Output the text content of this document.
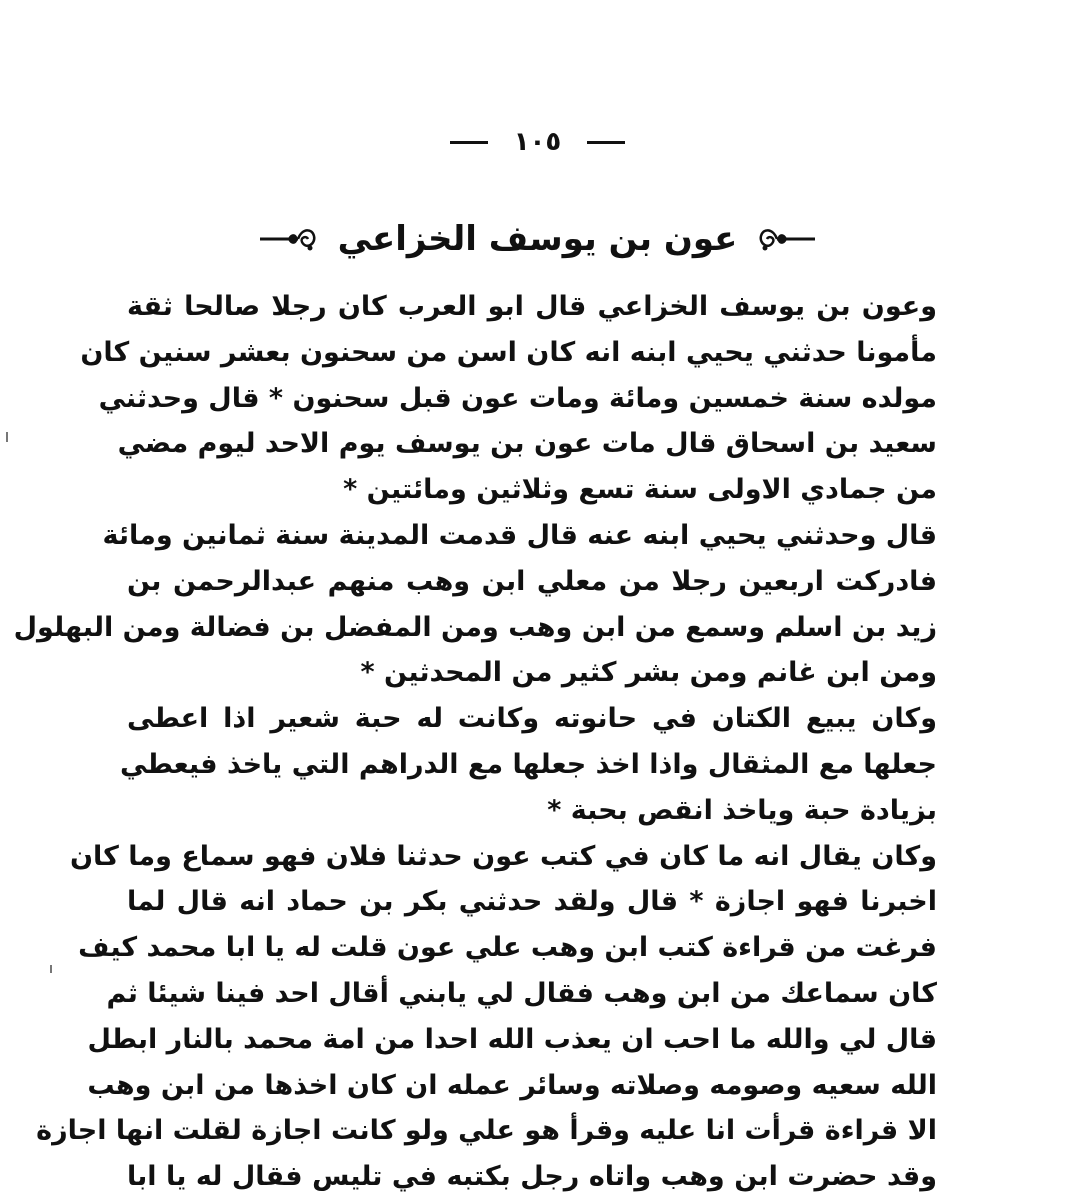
١٠٥
عون بن يوسف الخزاعي
وعون بن يوسف الخزاعي قال ابو العرب كان رجلا صالحا ثقة
مأمونا حدثني يحيي ابنه انه كان اسن من سحنون بعشر سنين كان
مولده سنة خمسين ومائة ومات عون قبل سحنون * قال وحدثني
سعيد بن اسحاق قال مات عون بن يوسف يوم الاحد ليوم مضي
من جمادي الاولى سنة تسع وثلاثين ومائتين *
قال وحدثني يحيي ابنه عنه قال قدمت المدينة سنة ثمانين ومائة
فادركت اربعين رجلا من معلي ابن وهب منهم عبدالرحمن بن
زيد بن اسلم وسمع من ابن وهب ومن المفضل بن فضالة ومن البهلول
ومن ابن غانم ومن بشر كثير من المحدثين *
وكان يبيع الكتان في حانوته وكانت له حبة شعير اذا اعطى
جعلها مع المثقال واذا اخذ جعلها مع الدراهم التي ياخذ فيعطي
بزيادة حبة وياخذ انقص بحبة *
وكان يقال انه ما كان في كتب عون حدثنا فلان فهو سماع وما كان
اخبرنا فهو اجازة * قال ولقد حدثني بكر بن حماد انه قال لما
فرغت من قراءة كتب ابن وهب علي عون قلت له يا ابا محمد كيف
كان سماعك من ابن وهب فقال لي يابني أقال احد فينا شيئا ثم
قال لي والله ما احب ان يعذب الله احدا من امة محمد بالنار ابطل
الله سعيه وصومه وصلاته وسائر عمله ان كان اخذها من ابن وهب
الا قراءة قرأت انا عليه وقرأ هو علي ولو كانت اجازة لقلت انها اجازة
وقد حضرت ابن وهب واتاه رجل بكتبه في تليس فقال له يا ابا
